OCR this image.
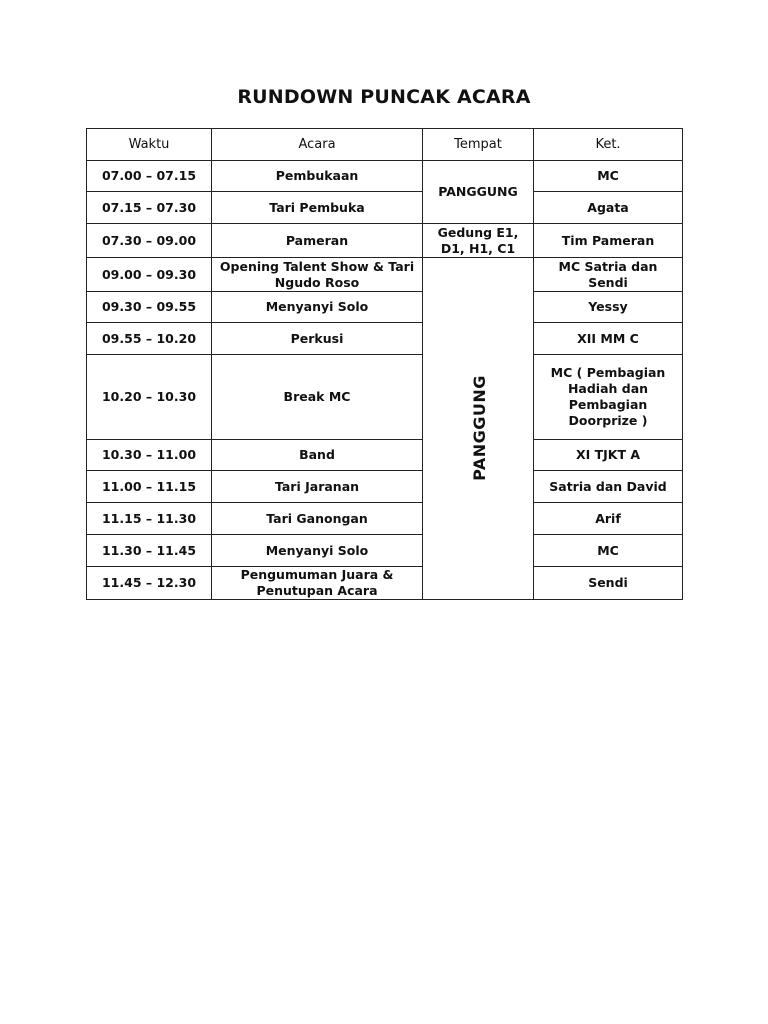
RUNDOWN PUNCAK ACARA
Waktu	Acara	Tempat	Ket.
07.00 – 07.15	Pembukaan	PANGGUNG	MC
07.15 – 07.30	Tari Pembuka		Agata
07.30 – 09.00	Pameran	Gedung E1, D1, H1, C1	Tim Pameran
09.00 – 09.30	Opening Talent Show & Tari Ngudo Roso	PANGGUNG	MC Satria dan Sendi
09.30 – 09.55	Menyanyi Solo		Yessy
09.55 – 10.20	Perkusi		XII MM C
10.20 – 10.30	Break MC		MC ( Pembagian Hadiah dan Pembagian Doorprize )
10.30 – 11.00	Band		XI TJKT A
11.00 – 11.15	Tari Jaranan		Satria dan David
11.15 – 11.30	Tari Ganongan		Arif
11.30 – 11.45	Menyanyi Solo		MC
11.45 – 12.30	Pengumuman Juara & Penutupan Acara		Sendi
